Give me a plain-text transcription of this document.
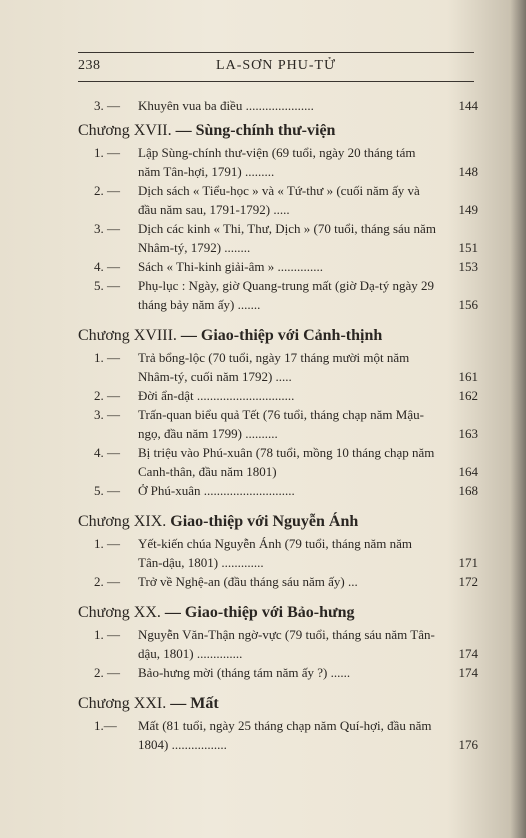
238	LA-SƠN PHU-TỬ
3. — Khuyên vua ba điều .....................	144
Chương XVII. — Sùng-chính thư-viện
1. — Lập Sùng-chính thư-viện (69 tuổi, ngày 20 tháng tám năm Tân-hợi, 1791) .........	148
2. — Dịch sách « Tiểu-học » và « Tứ-thư » (cuối năm ấy và đầu năm sau, 1791-1792) .....	149
3. — Dịch các kinh « Thi, Thư, Dịch » (70 tuổi, tháng sáu năm Nhâm-tý, 1792) ........	151
4. — Sách « Thi-kinh giải-âm » ..............	153
5. — Phụ-lục : Ngày, giờ Quang-trung mất (giờ Dạ-tý ngày 29 tháng bảy năm ấy) .......	156
Chương XVIII. — Giao-thiệp với Cảnh-thịnh
1. — Trả bổng-lộc (70 tuổi, ngày 17 tháng mười một năm Nhâm-tý, cuối năm 1792) .....	161
2. — Đời ẩn-dật ..............................	162
3. — Trấn-quan biểu quả Tết (76 tuổi, tháng chạp năm Mậu-ngọ, đầu năm 1799) ..........	163
4. — Bị triệu vào Phú-xuân (78 tuổi, mồng 10 tháng chạp năm Canh-thân, đầu năm 1801)	164
5. — Ở Phú-xuân ............................	168
Chương XIX. Giao-thiệp với Nguyễn Ánh
1. — Yết-kiến chúa Nguyễn Ánh (79 tuổi, tháng năm năm Tân-dậu, 1801) .............	171
2. — Trở về Nghệ-an (đầu tháng sáu năm ấy) ...	172
Chương XX. — Giao-thiệp với Bảo-hưng
1. — Nguyễn Văn-Thận ngờ-vực (79 tuổi, tháng sáu năm Tân-dậu, 1801) ..............	174
2. — Bảo-hưng mời (tháng tám năm ấy ?) ......	174
Chương XXI. — Mất
1.— Mất (81 tuổi, ngày 25 tháng chạp năm Quí-hợi, đầu năm 1804) .................	176
